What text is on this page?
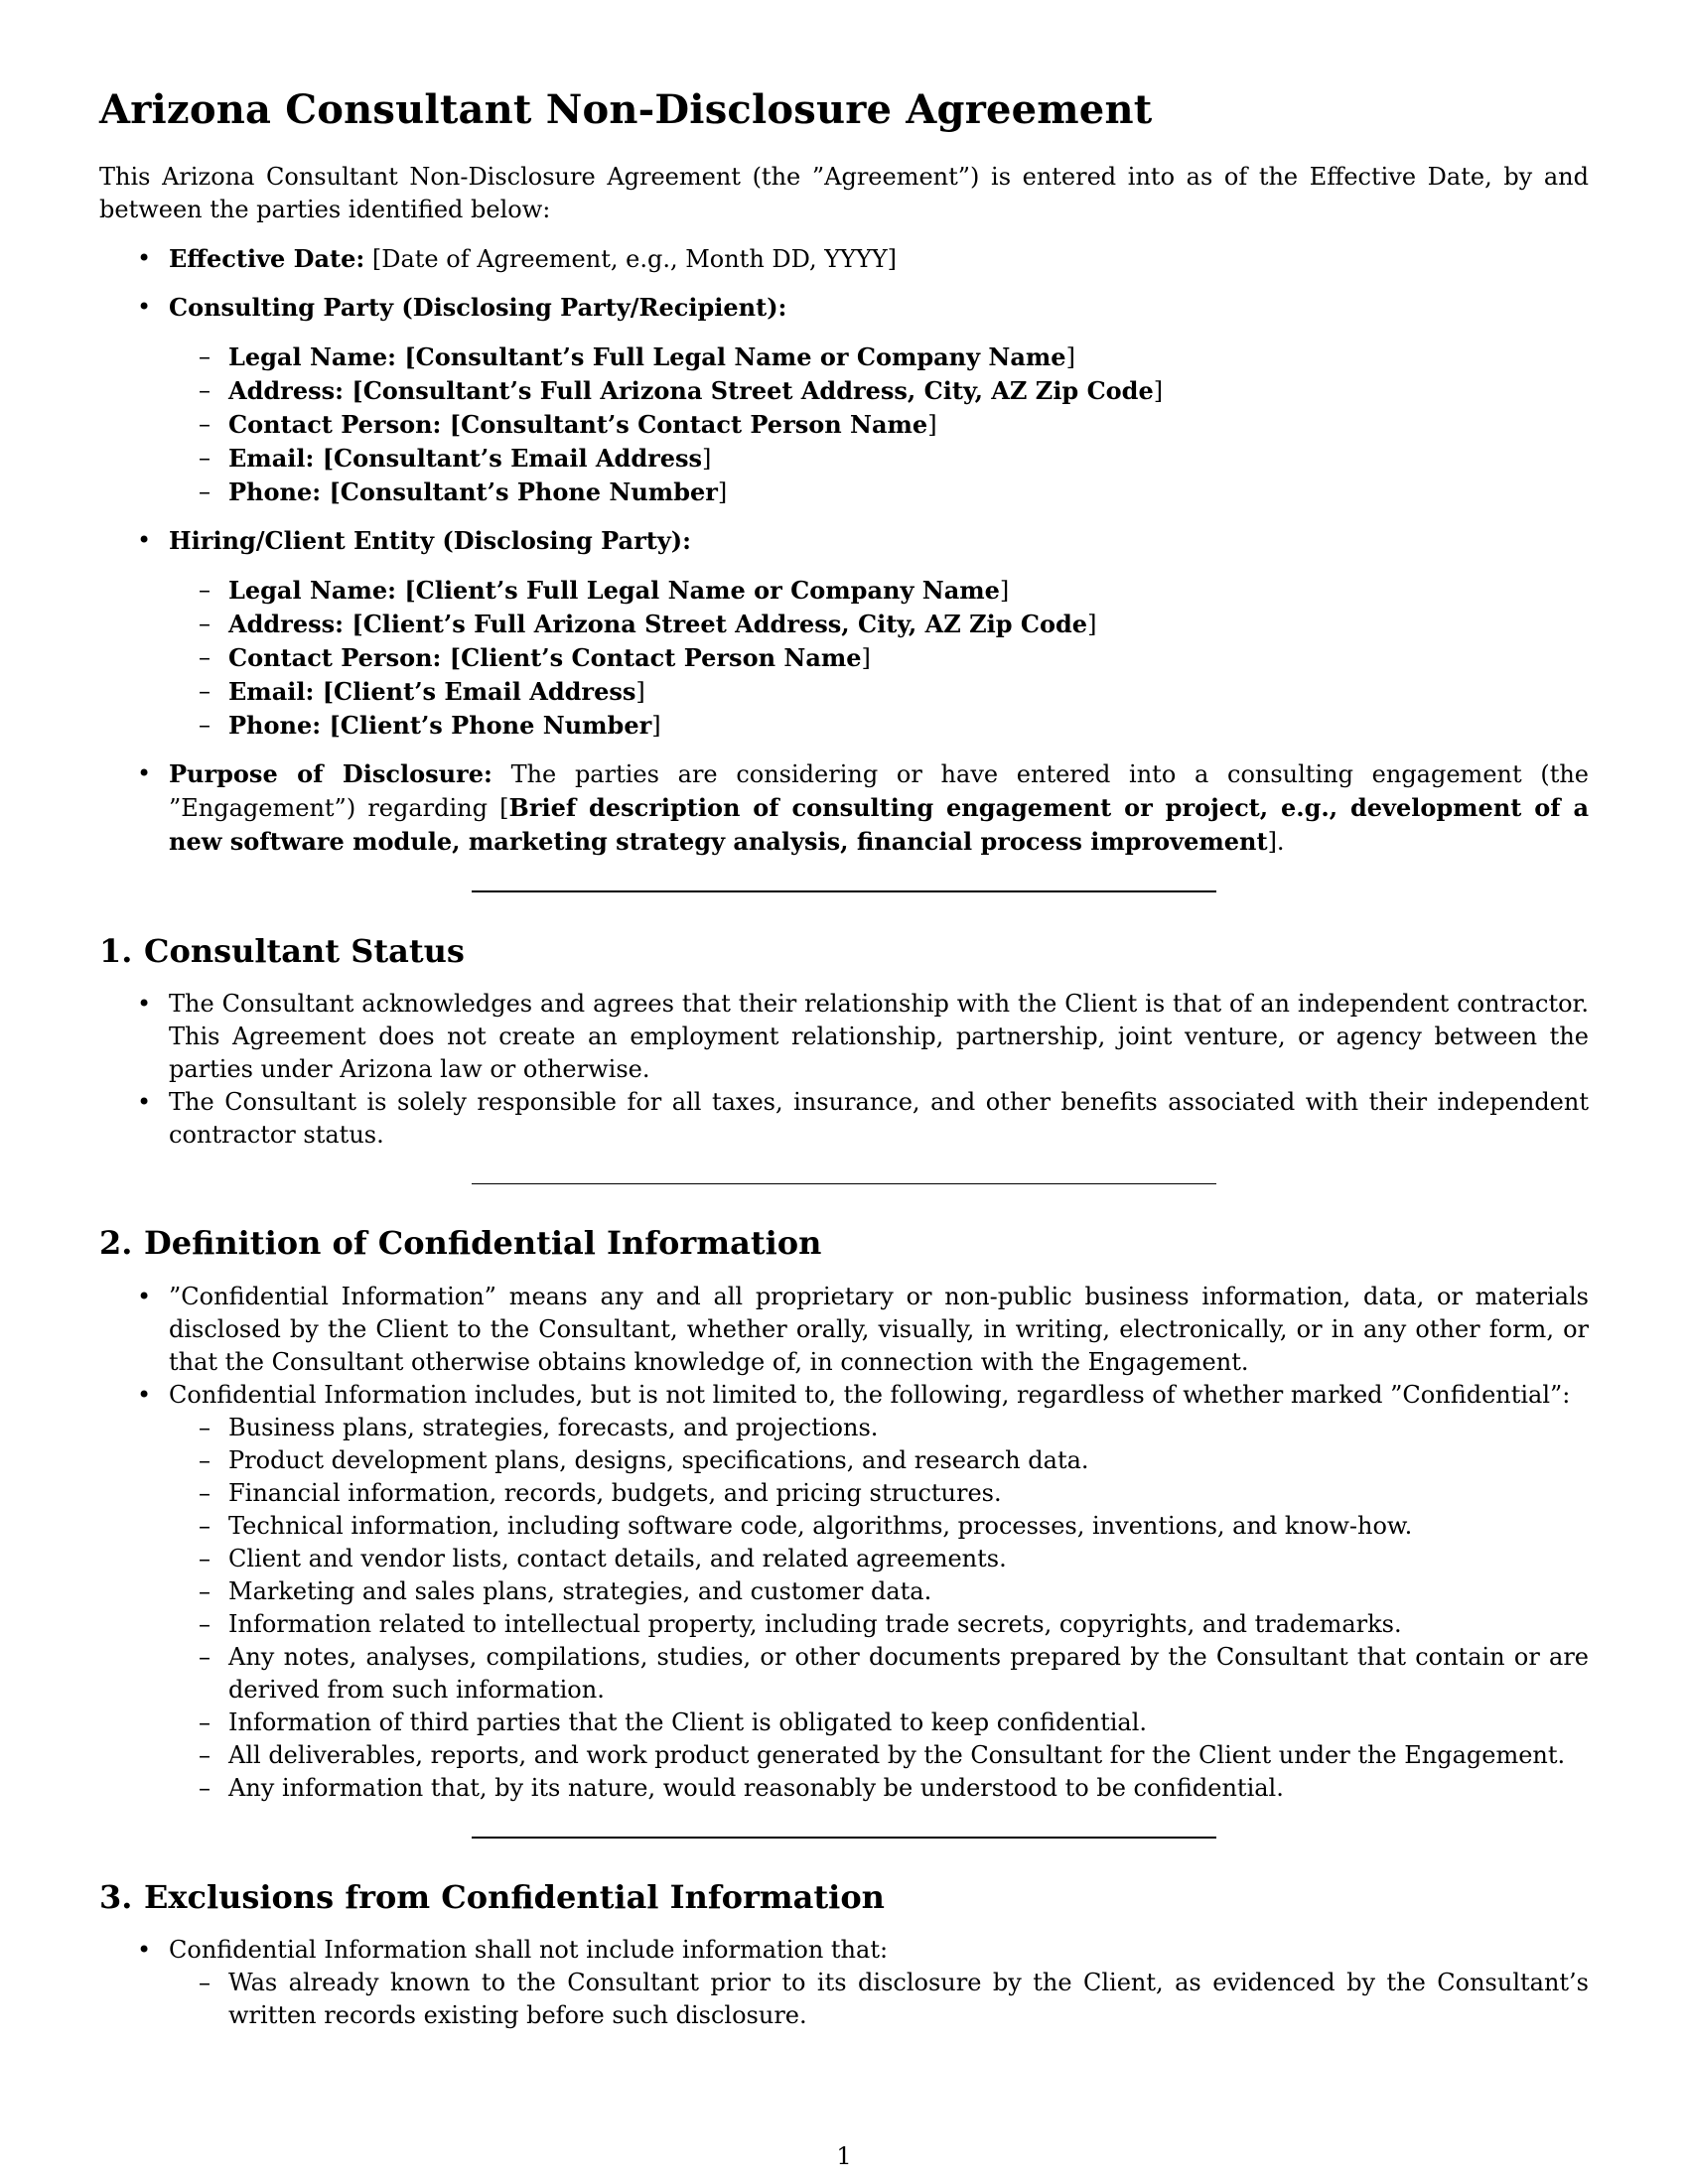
Arizona Consultant Non-Disclosure Agreement

This Arizona Consultant Non-Disclosure Agreement (the ”Agreement”) is entered into as of the Effective Date, by and between the parties identified below:

• Effective Date: [Date of Agreement, e.g., Month DD, YYYY]
• Consulting Party (Disclosing Party/Recipient):
– Legal Name: [Consultant’s Full Legal Name or Company Name]
– Address: [Consultant’s Full Arizona Street Address, City, AZ Zip Code]
– Contact Person: [Consultant’s Contact Person Name]
– Email: [Consultant’s Email Address]
– Phone: [Consultant’s Phone Number]
• Hiring/Client Entity (Disclosing Party):
– Legal Name: [Client’s Full Legal Name or Company Name]
– Address: [Client’s Full Arizona Street Address, City, AZ Zip Code]
– Contact Person: [Client’s Contact Person Name]
– Email: [Client’s Email Address]
– Phone: [Client’s Phone Number]
• Purpose of Disclosure: The parties are considering or have entered into a consulting engagement (the ”Engagement”) regarding [Brief description of consulting engagement or project, e.g., development of a new software module, marketing strategy analysis, financial process improvement].
1. Consultant Status
• The Consultant acknowledges and agrees that their relationship with the Client is that of an independent contractor. This Agreement does not create an employment relationship, partnership, joint venture, or agency between the parties under Arizona law or otherwise.
• The Consultant is solely responsible for all taxes, insurance, and other benefits associated with their independent contractor status.
2. Definition of Confidential Information
• ”Confidential Information” means any and all proprietary or non-public business information, data, or materials disclosed by the Client to the Consultant, whether orally, visually, in writing, electronically, or in any other form, or that the Consultant otherwise obtains knowledge of, in connection with the Engagement.
• Confidential Information includes, but is not limited to, the following, regardless of whether marked ”Confidential”:
– Business plans, strategies, forecasts, and projections.
– Product development plans, designs, specifications, and research data.
– Financial information, records, budgets, and pricing structures.
– Technical information, including software code, algorithms, processes, inventions, and know-how.
– Client and vendor lists, contact details, and related agreements.
– Marketing and sales plans, strategies, and customer data.
– Information related to intellectual property, including trade secrets, copyrights, and trademarks.
– Any notes, analyses, compilations, studies, or other documents prepared by the Consultant that contain or are derived from such information.
– Information of third parties that the Client is obligated to keep confidential.
– All deliverables, reports, and work product generated by the Consultant for the Client under the Engagement.
– Any information that, by its nature, would reasonably be understood to be confidential.
3. Exclusions from Confidential Information
• Confidential Information shall not include information that:
– Was already known to the Consultant prior to its disclosure by the Client, as evidenced by the Consultant’s written records existing before such disclosure.
1
